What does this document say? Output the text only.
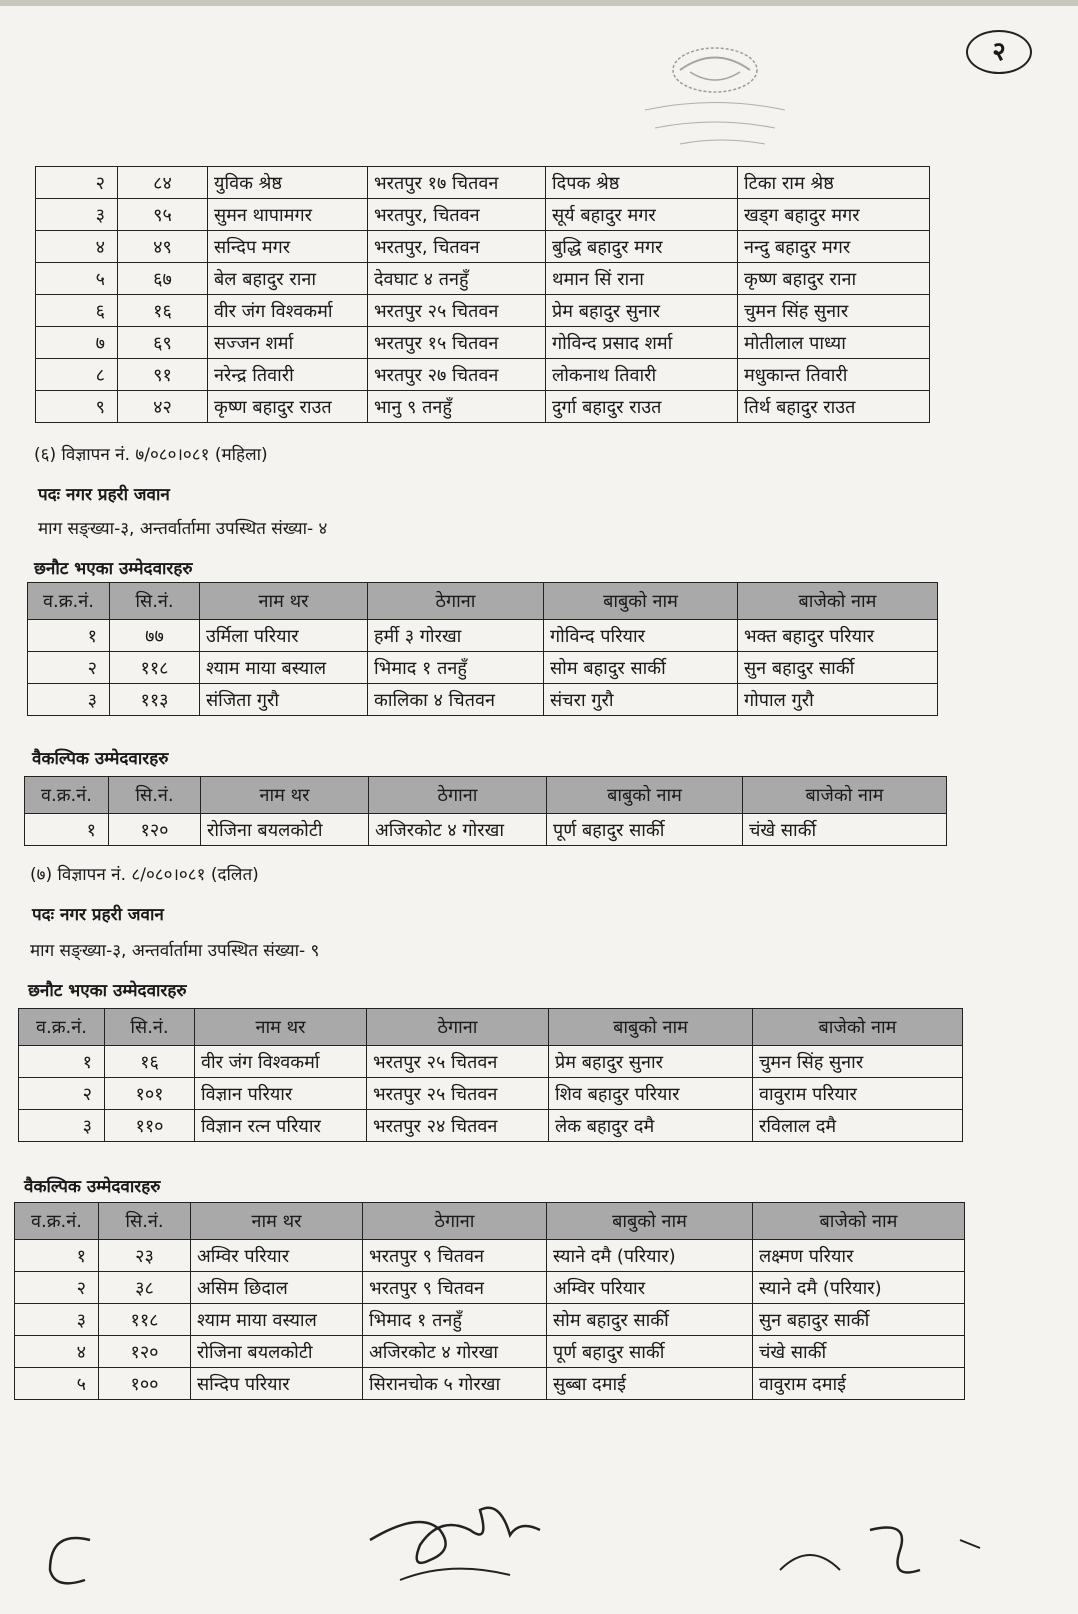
२
२	८४	युविक श्रेष्ठ	भरतपुर १७ चितवन	दिपक श्रेष्ठ	टिका राम श्रेष्ठ
३	९५	सुमन थापामगर	भरतपुर, चितवन	सूर्य बहादुर मगर	खड्ग बहादुर मगर
४	४९	सन्दिप मगर	भरतपुर, चितवन	बुद्धि बहादुर मगर	नन्दु बहादुर मगर
५	६७	बेल बहादुर राना	देवघाट ४ तनहुँ	थमान सिं राना	कृष्ण बहादुर राना
६	१६	वीर जंग विश्वकर्मा	भरतपुर २५ चितवन	प्रेम बहादुर सुनार	चुमन सिंह सुनार
७	६९	सज्जन शर्मा	भरतपुर १५ चितवन	गोविन्द प्रसाद शर्मा	मोतीलाल पाध्या
८	९१	नरेन्द्र तिवारी	भरतपुर २७ चितवन	लोकनाथ तिवारी	मधुकान्त तिवारी
९	४२	कृष्ण बहादुर राउत	भानु ९ तनहुँ	दुर्गा बहादुर राउत	तिर्थ बहादुर राउत
(६) विज्ञापन नं. ७/०८०।०८१ (महिला)
पदः नगर प्रहरी जवान
माग सङ्ख्या-३, अन्तर्वार्तामा उपस्थित संख्या- ४
छनौट भएका उम्मेदवारहरु
व.क्र.नं.	सि.नं.	नाम थर	ठेगाना	बाबुको नाम	बाजेको नाम
१	७७	उर्मिला परियार	हर्मी ३ गोरखा	गोविन्द परियार	भक्त बहादुर परियार
२	११८	श्याम माया बस्याल	भिमाद १ तनहुँ	सोम बहादुर सार्की	सुन बहादुर सार्की
३	११३	संजिता गुरौ	कालिका ४ चितवन	संचरा गुरौ	गोपाल गुरौ
वैकल्पिक उम्मेदवारहरु
व.क्र.नं.	सि.नं.	नाम थर	ठेगाना	बाबुको नाम	बाजेको नाम
१	१२०	रोजिना बयलकोटी	अजिरकोट ४ गोरखा	पूर्ण बहादुर सार्की	चंखे सार्की
(७) विज्ञापन नं. ८/०८०।०८१ (दलित)
पदः नगर प्रहरी जवान
माग सङ्ख्या-३, अन्तर्वार्तामा उपस्थित संख्या- ९
छनौट भएका उम्मेदवारहरु
व.क्र.नं.	सि.नं.	नाम थर	ठेगाना	बाबुको नाम	बाजेको नाम
१	१६	वीर जंग विश्वकर्मा	भरतपुर २५ चितवन	प्रेम बहादुर सुनार	चुमन सिंह सुनार
२	१०१	विज्ञान परियार	भरतपुर २५ चितवन	शिव बहादुर परियार	वावुराम परियार
३	११०	विज्ञान रत्न परियार	भरतपुर २४ चितवन	लेक बहादुर दमै	रविलाल दमै
वैकल्पिक उम्मेदवारहरु
व.क्र.नं.	सि.नं.	नाम थर	ठेगाना	बाबुको नाम	बाजेको नाम
१	२३	अम्विर परियार	भरतपुर ९ चितवन	स्याने दमै (परियार)	लक्ष्मण परियार
२	३८	असिम छिदाल	भरतपुर ९ चितवन	अम्विर परियार	स्याने दमै (परियार)
३	११८	श्याम माया वस्याल	भिमाद १ तनहुँ	सोम बहादुर सार्की	सुन बहादुर सार्की
४	१२०	रोजिना बयलकोटी	अजिरकोट ४ गोरखा	पूर्ण बहादुर सार्की	चंखे सार्की
५	१००	सन्दिप परियार	सिरानचोक ५ गोरखा	सुब्बा दमाई	वावुराम दमाई
